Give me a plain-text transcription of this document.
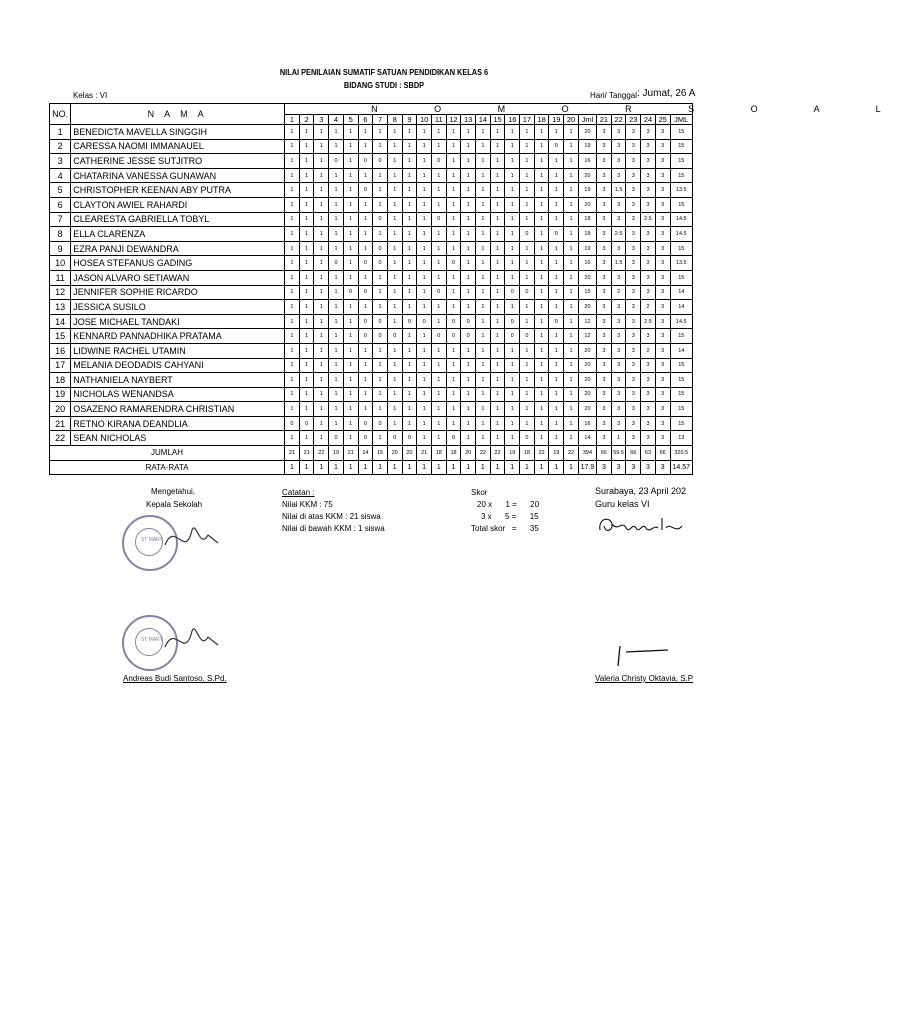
NILAI PENILAIAN SUMATIF SATUAN PENDIDIKAN KELAS 6
BIDANG STUDI : SBDP
Kelas : VI	Hari/ Tanggal : Jumat, 26 A
NO.	N A M A	N O M O R S O A L																										
		1	2	3	4	5	6	7	8	9	10	11	12	13	14	15	16	17	18	19	20	Jml	21	22	23	24	25	JML
1	BENEDICTA MAVELLA SINGGIH	1	1	1	1	1	1	1	1	1	1	1	1	1	1	1	1	1	1	1	1	20	3	3	3	3	3	15
2	CARESSA NAOMI IMMANAUEL	1	1	1	1	1	1	1	1	1	1	1	1	1	1	1	1	1	1	0	1	19	3	3	3	3	3	15
3	CATHERINE JESSE SUTJITRO	1	1	1	0	1	0	0	1	1	1	0	1	1	1	1	1	1	1	1	1	16	3	3	3	3	3	15
4	CHATARINA VANESSA GUNAWAN	1	1	1	1	1	1	1	1	1	1	1	1	1	1	1	1	1	1	1	1	20	3	3	3	3	3	15
5	CHRISTOPHER KEENAN ABY PUTRA	1	1	1	1	1	0	1	1	1	1	1	1	1	1	1	1	1	1	1	1	19	3	1.5	3	3	3	13.5
6	CLAYTON AWIEL RAHARDI	1	1	1	1	1	1	1	1	1	1	1	1	1	1	1	1	1	1	1	1	20	3	3	3	3	3	15
7	CLEARESTA GABRIELLA TOBYL	1	1	1	1	1	1	0	1	1	1	0	1	1	1	1	1	1	1	1	1	18	3	3	3	2.5	3	14.5
8	ELLA CLARENZA	1	1	1	1	1	1	1	1	1	1	1	1	1	1	1	1	0	1	0	1	18	3	2.5	3	3	3	14.5
9	EZRA PANJI DEWANDRA	1	1	1	1	1	1	0	1	1	1	1	1	1	1	1	1	1	1	1	1	19	3	3	3	3	3	15
10	HOSEA STEFANUS GADING	1	1	1	0	1	0	0	1	1	1	1	0	1	1	1	1	1	1	1	1	16	3	1.5	3	3	3	13.5
11	JASON ALVARO SETIAWAN	1	1	1	1	1	1	1	1	1	1	1	1	1	1	1	1	1	1	1	1	20	3	3	3	3	3	15
12	JENNIFER SOPHIE RICARDO	1	1	1	1	0	0	1	1	1	1	0	1	1	1	1	0	0	1	1	1	15	3	2	3	3	3	14
13	JESSICA SUSILO	1	1	1	1	1	1	1	1	1	1	1	1	1	1	1	1	1	1	1	1	20	3	3	3	2	3	14
14	JOSE MICHAEL TANDAKI	1	1	1	1	1	0	0	1	0	0	1	0	0	1	1	0	1	1	0	1	12	3	3	3	2.5	3	14.5
15	KENNARD PANNADHIKA PRATAMA	1	1	1	1	1	0	0	0	1	1	0	0	0	1	1	0	0	1	1	1	12	3	3	3	3	3	15
16	LIDWINE RACHEL UTAMIN	1	1	1	1	1	1	1	1	1	1	1	1	1	1	1	1	1	1	1	1	20	3	3	3	2	3	14
17	MELANIA DEODADIS CAHYANI	1	1	1	1	1	1	1	1	1	1	1	1	1	1	1	1	1	1	1	1	20	3	3	3	3	3	15
18	NATHANIELA NAYBERT	1	1	1	1	1	1	1	1	1	1	1	1	1	1	1	1	1	1	1	1	20	3	3	3	3	3	15
19	NICHOLAS WENANDSA	1	1	1	1	1	1	1	1	1	1	1	1	1	1	1	1	1	1	1	1	20	3	3	3	3	3	15
20	OSAZENO RAMARENDRA CHRISTIAN	1	1	1	1	1	1	1	1	1	1	1	1	1	1	1	1	1	1	1	1	20	3	3	3	3	3	15
21	RETNO KIRANA DEANDLIA	0	0	1	1	1	0	0	1	1	1	1	1	1	1	1	1	1	1	1	1	16	3	3	3	3	3	15
22	SEAN NICHOLAS	1	1	1	0	1	0	1	0	0	1	1	0	1	1	1	1	0	1	1	1	14	3	1	3	3	3	13
JUMLAH		21	21	22	19	21	14	15	20	20	21	18	18	20	22	22	19	18	22	19	22	394	66	59.5	66	63	66	320.5
RATA-RATA		1	1	1	1	1	1	1	1	1	1	1	1	1	1	1	1	1	1	1	1	17.9	3	3	3	3	3	14.57
Mengetahui,
Kepala Sekolah
Catatan :
Nilai KKM : 75
Nilai di atas KKM : 21 siswa
Nilai di bawah KKM : 1 siswa
Skor
20 x      1 =      20
3 x      5 =      15
Total skor   =      35
Surabaya, 23 April 202
Guru kelas VI
ST MARY
ST MARY
Andreas Budi Santoso, S.Pd.	Valeria Christy Oktavia, S.P
